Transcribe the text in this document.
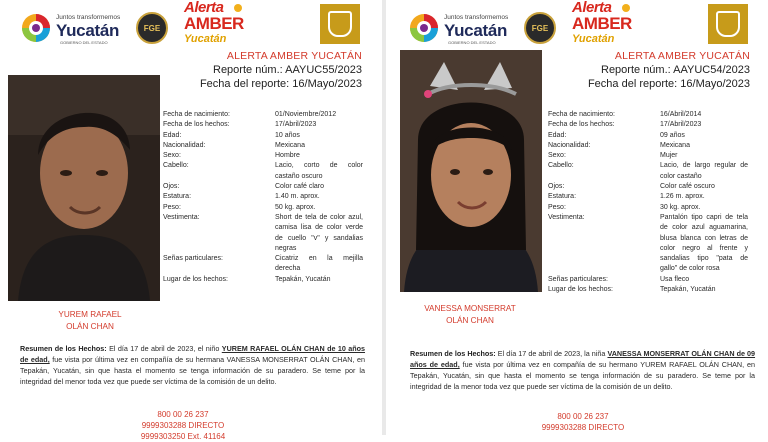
Juntos transformemos
Yucatán
GOBIERNO DEL ESTADO
FGE
Alerta
AMBER
Yucatán
ALERTA AMBER YUCATÁN
Reporte núm.: AAYUC55/2023
Fecha del reporte: 16/Mayo/2023
YUREM RAFAEL
OLÁN CHAN
Fecha de nacimiento:	01/Noviembre/2012
Fecha de los hechos:	17/Abril/2023
Edad:	10 años
Nacionalidad:	Mexicana
Sexo:	Hombre
Cabello:	Lacio, corto de color castaño oscuro
Ojos:	Color café claro
Estatura:	1.40 m. aprox.
Peso:	50 kg. aprox.
Vestimenta:	Short de tela de color azul, camisa lisa de color verde de cuello "v" y sandalias negras
Señas particulares:	Cicatriz en la mejilla derecha
Lugar de los hechos:	Tepakán, Yucatán
Resumen de los Hechos: El día 17 de abril de 2023, el niño YUREM RAFAEL OLÁN CHAN de 10 años de edad, fue vista por última vez en compañía de su hermana VANESSA MONSERRAT OLÁN CHAN, en Tepakán, Yucatán, sin que hasta el momento se tenga información de su paradero. Se teme por la integridad del menor toda vez que puede ser víctima de la comisión de un delito.
800 00 26 237
9999303288 DIRECTO
9999303250 Ext. 41164
Juntos transformemos
Yucatán
GOBIERNO DEL ESTADO
FGE
Alerta
AMBER
Yucatán
ALERTA AMBER YUCATÁN
Reporte núm.: AAYUC54/2023
Fecha del reporte: 16/Mayo/2023
VANESSA MONSERRAT
OLÁN CHAN
Fecha de nacimiento:	16/Abril/2014
Fecha de los hechos:	17/Abril/2023
Edad:	09 años
Nacionalidad:	Mexicana
Sexo:	Mujer
Cabello:	Lacio, de largo regular de color castaño
Ojos:	Color café oscuro
Estatura:	1.26 m. aprox.
Peso:	30 kg. aprox.
Vestimenta:	Pantalón tipo capri de tela de color azul aguamarina, blusa blanca con letras de color negro al frente y sandalias tipo "pata de gallo" de color rosa
Señas particulares:	Usa fleco
Lugar de los hechos:	Tepakán, Yucatán
Resumen de los Hechos: El día 17 de abril de 2023, la niña VANESSA MONSERRAT OLÁN CHAN de 09 años de edad, fue vista por última vez en compañía de su hermano YUREM RAFAEL OLÁN CHAN, en Tepakán, Yucatán, sin que hasta el momento se tenga información de su paradero. Se teme por la integridad de la menor toda vez que puede ser víctima de la comisión de un delito.
800 00 26 237
9999303288 DIRECTO
